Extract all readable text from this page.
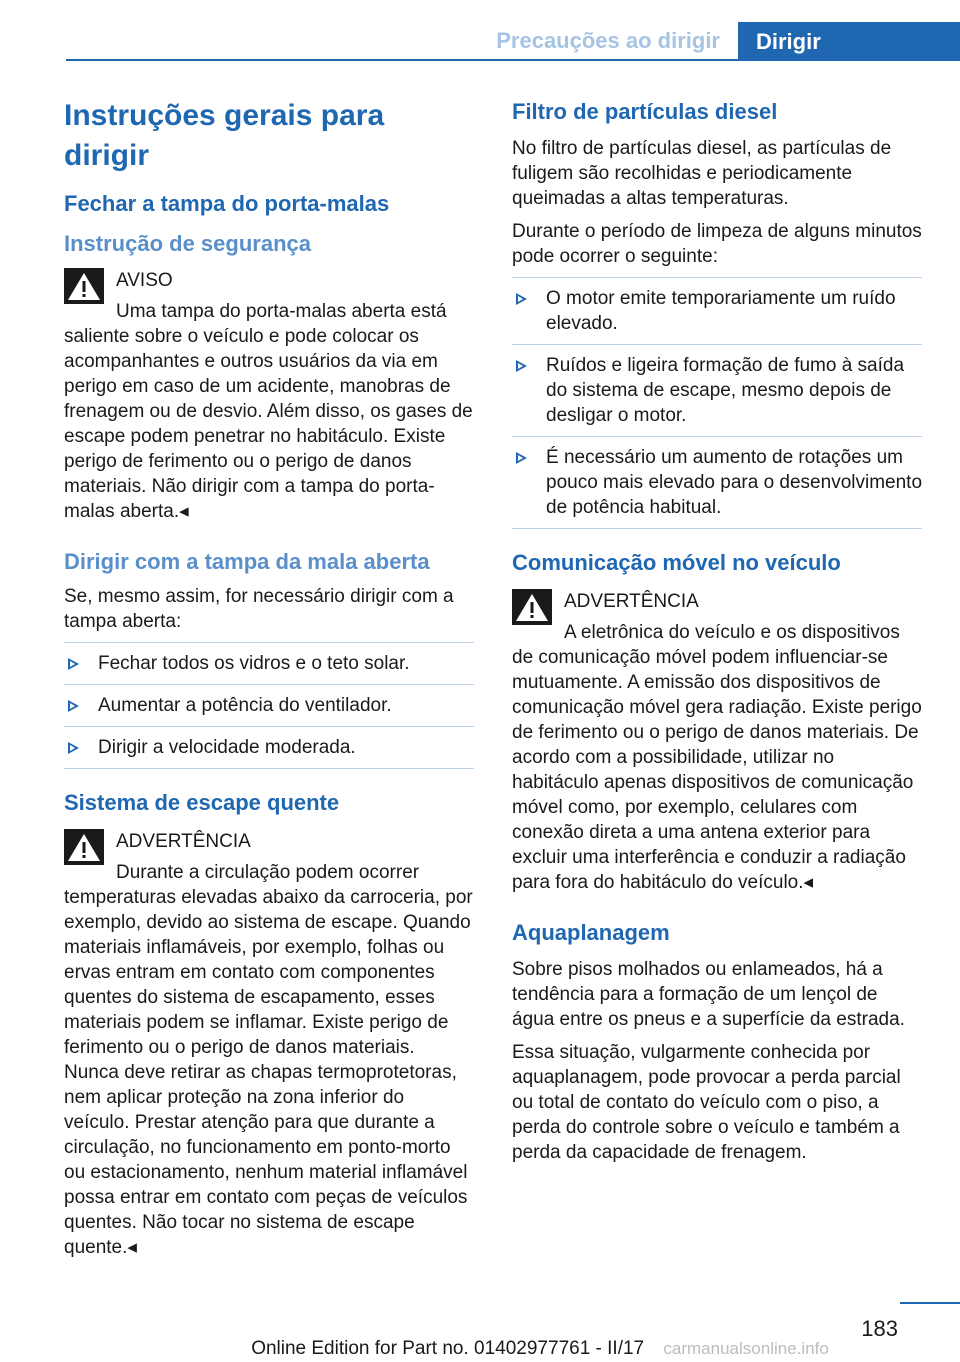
Precauções ao dirigir	Dirigir
Instruções gerais para dirigir
Fechar a tampa do porta-malas
Instrução de segurança
AVISO
Uma tampa do porta-malas aberta está saliente sobre o veículo e pode colocar os acompanhantes e outros usuários da via em perigo em caso de um acidente, manobras de frenagem ou de desvio. Além disso, os gases de escape podem penetrar no habitáculo. Existe perigo de ferimento ou o perigo de danos materiais. Não dirigir com a tampa do porta-malas aberta.◂
Dirigir com a tampa da mala aberta
Se, mesmo assim, for necessário dirigir com a tampa aberta:
Fechar todos os vidros e o teto solar.
Aumentar a potência do ventilador.
Dirigir a velocidade moderada.
Sistema de escape quente
ADVERTÊNCIA
Durante a circulação podem ocorrer temperaturas elevadas abaixo da carroceria, por exemplo, devido ao sistema de escape. Quando materiais inflamáveis, por exemplo, folhas ou ervas entram em contato com componentes quentes do sistema de escapamento, esses materiais podem se inflamar. Existe perigo de ferimento ou o perigo de danos materiais. Nunca deve retirar as chapas termoprotetoras, nem aplicar proteção na zona inferior do veículo. Prestar atenção para que durante a circulação, no funcionamento em ponto-morto ou estacionamento, nenhum material inflamável possa entrar em contato com peças de veículos quentes. Não tocar no sistema de escape quente.◂
Filtro de partículas diesel
No filtro de partículas diesel, as partículas de fuligem são recolhidas e periodicamente queimadas a altas temperaturas.
Durante o período de limpeza de alguns minutos pode ocorrer o seguinte:
O motor emite temporariamente um ruído elevado.
Ruídos e ligeira formação de fumo à saída do sistema de escape, mesmo depois de desligar o motor.
É necessário um aumento de rotações um pouco mais elevado para o desenvolvimento de potência habitual.
Comunicação móvel no veículo
ADVERTÊNCIA
A eletrônica do veículo e os dispositivos de comunicação móvel podem influenciar-se mutuamente. A emissão dos dispositivos de comunicação móvel gera radiação. Existe perigo de ferimento ou o perigo de danos materiais. De acordo com a possibilidade, utilizar no habitáculo apenas dispositivos de comunicação móvel como, por exemplo, celulares com conexão direta a uma antena exterior para excluir uma interferência e conduzir a radiação para fora do habitáculo do veículo.◂
Aquaplanagem
Sobre pisos molhados ou enlameados, há a tendência para a formação de um lençol de água entre os pneus e a superfície da estrada.
Essa situação, vulgarmente conhecida por aquaplanagem, pode provocar a perda parcial ou total de contato do veículo com o piso, a perda do controle sobre o veículo e também a perda da capacidade de frenagem.
183
Online Edition for Part no. 01402977761 - II/17 carmanualsonline.info
